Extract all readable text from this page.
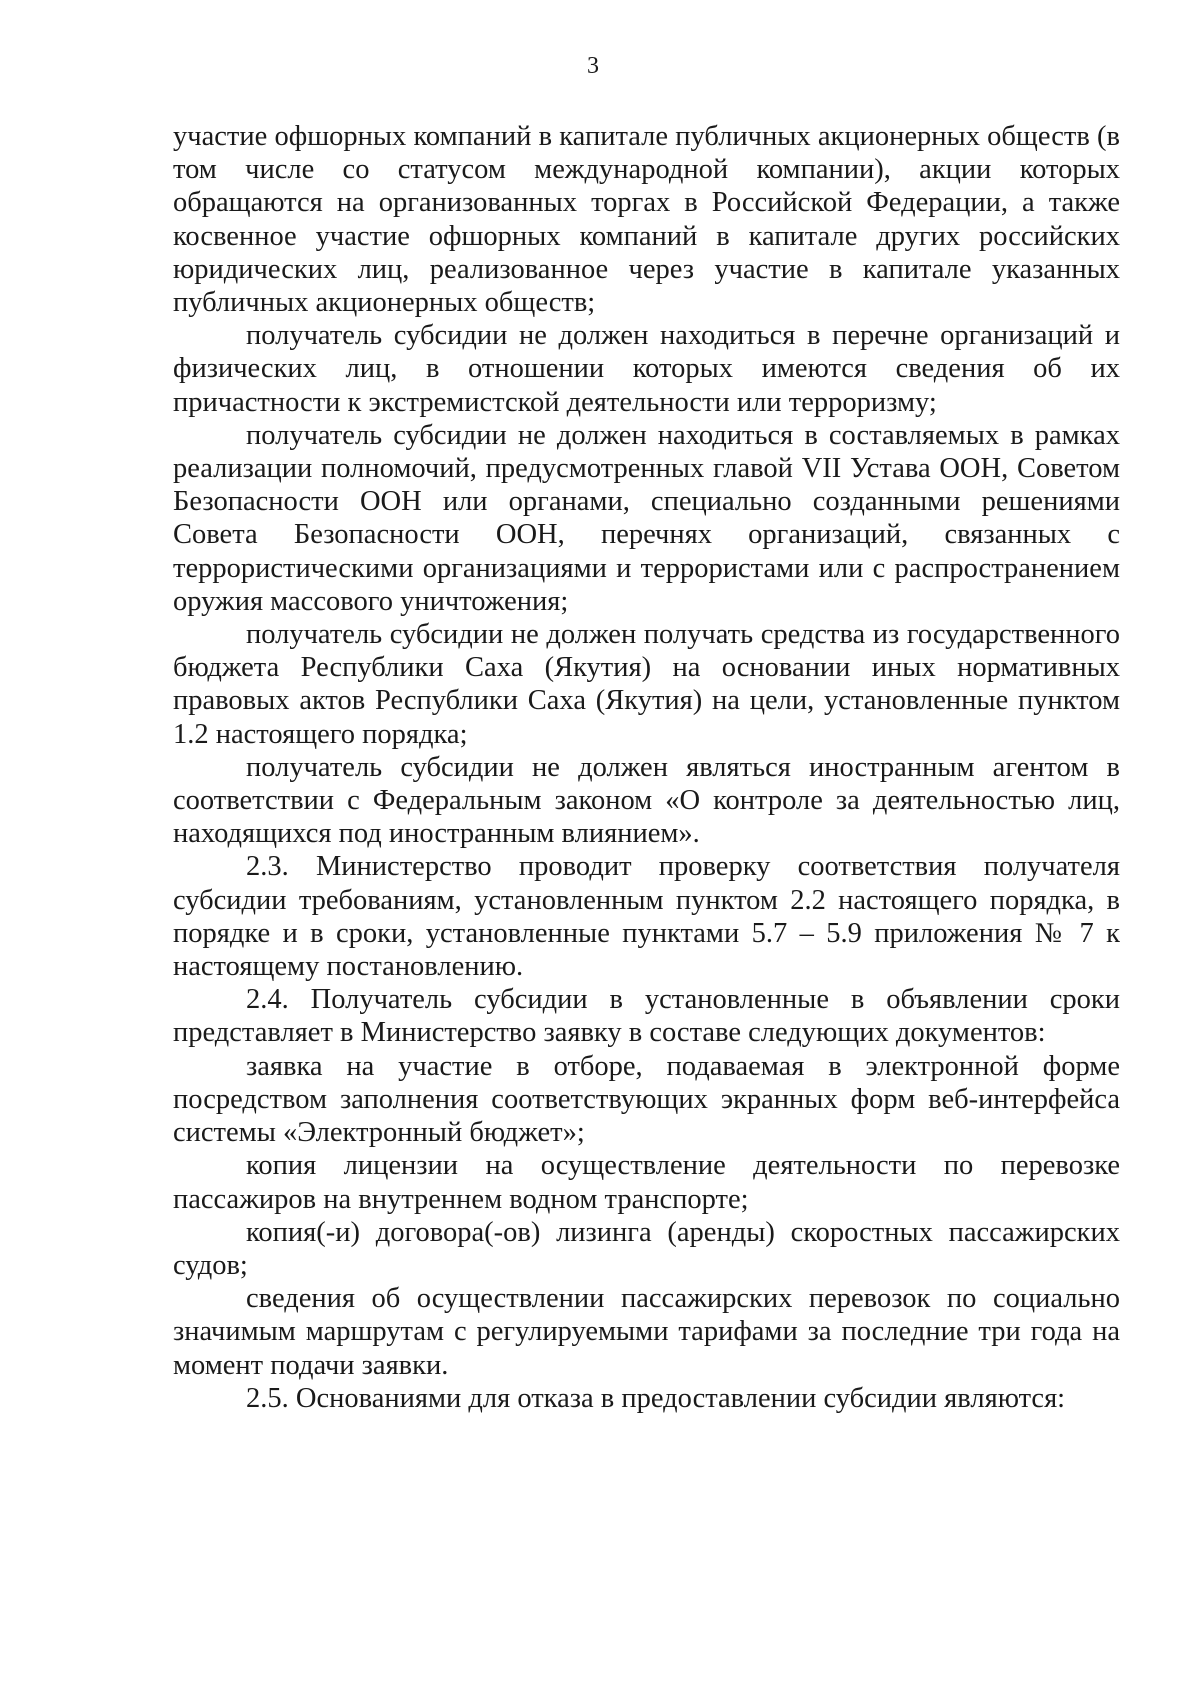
3

участие офшорных компаний в капитале публичных акционерных обществ (в том числе со статусом международной компании), акции которых обращаются на организованных торгах в Российской Федерации, а также косвенное участие офшорных компаний в капитале других российских юридических лиц, реализованное через участие в капитале указанных публичных акционерных обществ;

получатель субсидии не должен находиться в перечне организаций и физических лиц, в отношении которых имеются сведения об их причастности к экстремистской деятельности или терроризму;

получатель субсидии не должен находиться в составляемых в рамках реализации полномочий, предусмотренных главой VII Устава ООН, Советом Безопасности ООН или органами, специально созданными решениями Совета Безопасности ООН, перечнях организаций, связанных с террористическими организациями и террористами или с распространением оружия массового уничтожения;

получатель субсидии не должен получать средства из государственного бюджета Республики Саха (Якутия) на основании иных нормативных правовых актов Республики Саха (Якутия) на цели, установленные пунктом 1.2 настоящего порядка;

получатель субсидии не должен являться иностранным агентом в соответствии с Федеральным законом «О контроле за деятельностью лиц, находящихся под иностранным влиянием».

2.3. Министерство проводит проверку соответствия получателя субсидии требованиям, установленным пунктом 2.2 настоящего порядка, в порядке и в сроки, установленные пунктами 5.7 – 5.9 приложения № 7 к настоящему постановлению.

2.4. Получатель субсидии в установленные в объявлении сроки представляет в Министерство заявку в составе следующих документов:

заявка на участие в отборе, подаваемая в электронной форме посредством заполнения соответствующих экранных форм веб-интерфейса системы «Электронный бюджет»;

копия лицензии на осуществление деятельности по перевозке пассажиров на внутреннем водном транспорте;

копия(-и) договора(-ов) лизинга (аренды) скоростных пассажирских судов;

сведения об осуществлении пассажирских перевозок по социально значимым маршрутам с регулируемыми тарифами за последние три года на момент подачи заявки.

2.5. Основаниями для отказа в предоставлении субсидии являются:
